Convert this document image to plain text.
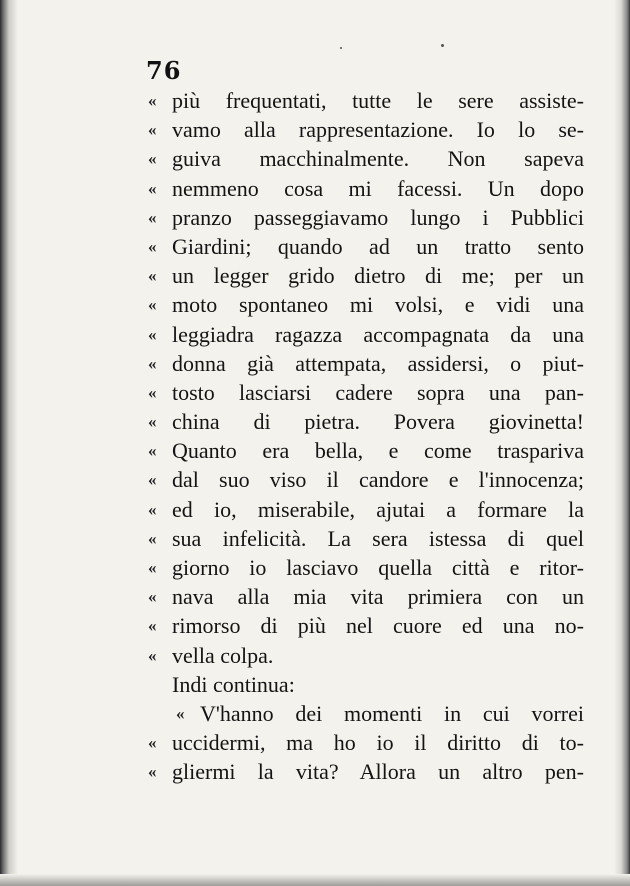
76
« più frequentati, tutte le sere assiste-
« vamo alla rappresentazione. Io lo se-
« guiva macchinalmente. Non sapeva
« nemmeno cosa mi facessi. Un dopo
« pranzo passeggiavamo lungo i Pubblici
« Giardini; quando ad un tratto sento
« un legger grido dietro di me; per un
« moto spontaneo mi volsi, e vidi una
« leggiadra ragazza accompagnata da una
« donna già attempata, assidersi, o piut-
« tosto lasciarsi cadere sopra una pan-
« china di pietra. Povera giovinetta!
« Quanto era bella, e come traspariva
« dal suo viso il candore e l'innocenza;
« ed io, miserabile, ajutai a formare la
« sua infelicità. La sera istessa di quel
« giorno io lasciavo quella città e ritor-
« nava alla mia vita primiera con un
« rimorso di più nel cuore ed una no-
« vella colpa.
Indi continua:
« V'hanno dei momenti in cui vorrei
« uccidermi, ma ho io il diritto di to-
« gliermi la vita? Allora un altro pen-
